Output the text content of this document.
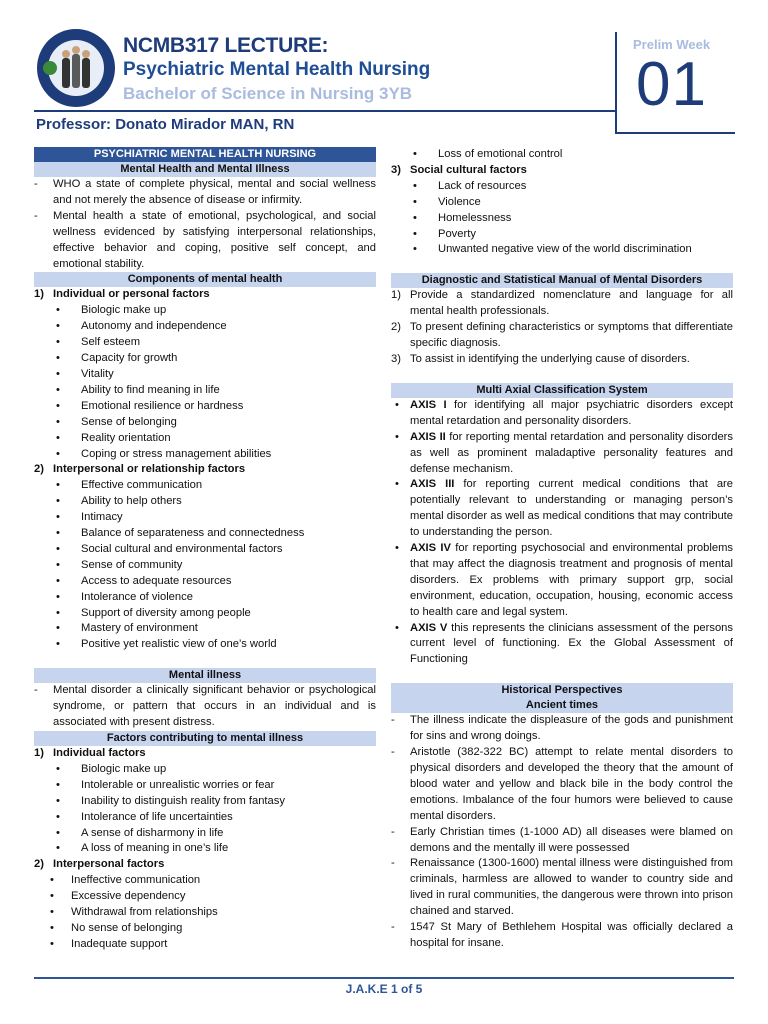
NCMB317 LECTURE:
Psychiatric Mental Health Nursing
Bachelor of Science in Nursing 3YB
Prelim Week
01
Professor: Donato Mirador MAN, RN
PSYCHIATRIC MENTAL HEALTH NURSING
Mental Health and Mental Illness
- WHO a state of complete physical, mental and social wellness and not merely the absence of disease or infirmity.
- Mental health a state of emotional, psychological, and social wellness evidenced by satisfying interpersonal relationships, effective behavior and coping, positive self concept, and emotional stability.
Components of mental health
1) Individual or personal factors
• Biologic make up
• Autonomy and independence
• Self esteem
• Capacity for growth
• Vitality
• Ability to find meaning in life
• Emotional resilience or hardness
• Sense of belonging
• Reality orientation
• Coping or stress management abilities
2) Interpersonal or relationship factors
• Effective communication
• Ability to help others
• Intimacy
• Balance of separateness and connectedness
• Social cultural and environmental factors
• Sense of community
• Access to adequate resources
• Intolerance of violence
• Support of diversity among people
• Mastery of environment
• Positive yet realistic view of one’s world
Mental illness
- Mental disorder a clinically significant behavior or psychological syndrome, or pattern that occurs in an individual and is associated with present distress.
Factors contributing to mental illness
1) Individual factors
• Biologic make up
• Intolerable or unrealistic worries or fear
• Inability to distinguish reality from fantasy
• Intolerance of life uncertainties
• A sense of disharmony in life
• A loss of meaning in one’s life
2) Interpersonal factors
• Ineffective communication
• Excessive dependency
• Withdrawal from relationships
• No sense of belonging
• Inadequate support
• Loss of emotional control
3) Social cultural factors
• Lack of resources
• Violence
• Homelessness
• Poverty
• Unwanted negative view of the world discrimination
Diagnostic and Statistical Manual of Mental Disorders
1) Provide a standardized nomenclature and language for all mental health professionals.
2) To present defining characteristics or symptoms that differentiate specific diagnosis.
3) To assist in identifying the underlying cause of disorders.
Multi Axial Classification System
• AXIS I for identifying all major psychiatric disorders except mental retardation and personality disorders.
• AXIS II for reporting mental retardation and personality disorders as well as prominent maladaptive personality features and defense mechanism.
• AXIS III for reporting current medical conditions that are potentially relevant to understanding or managing person’s mental disorder as well as medical conditions that may contribute to understanding the person.
• AXIS IV for reporting psychosocial and environmental problems that may affect the diagnosis treatment and prognosis of mental disorders. Ex problems with primary support grp, social environment, education, occupation, housing, economic access to health care and legal system.
• AXIS V this represents the clinicians assessment of the persons current level of functioning. Ex the Global Assessment of Functioning
Historical Perspectives
Ancient times
- The illness indicate the displeasure of the gods and punishment for sins and wrong doings.
- Aristotle (382-322 BC) attempt to relate mental disorders to physical disorders and developed the theory that the amount of blood water and yellow and black bile in the body control the emotions. Imbalance of the four humors were believed to cause mental disorders.
- Early Christian times (1-1000 AD) all diseases were blamed on demons and the mentally ill were possessed
- Renaissance (1300-1600) mental illness were distinguished from criminals, harmless are allowed to wander to country side and lived in rural communities, the dangerous were thrown into prison chained and starved.
- 1547 St Mary of Bethlehem Hospital was officially declared a hospital for insane.
J.A.K.E 1 of 5
